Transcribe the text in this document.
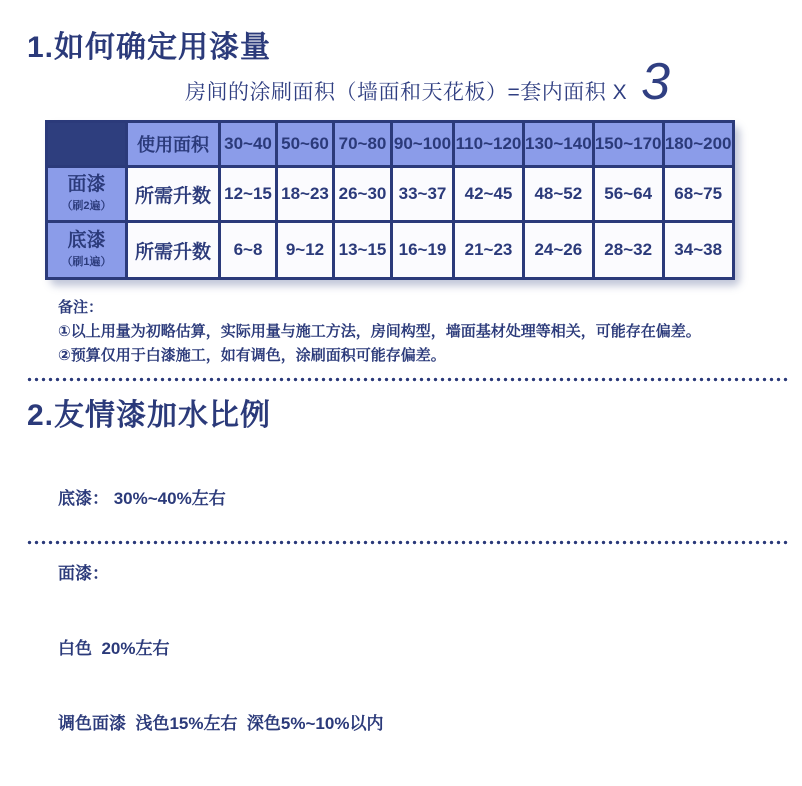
1.如何确定用漆量
房间的涂刷面积（墙面和天花板）=套内面积 X 3
	使用面积	30~40	50~60	70~80	90~100	110~120	130~140	150~170	180~200

面漆
（刷2遍）	所需升数	12~15	18~23	26~30	33~37	42~45	48~52	56~64	68~75

底漆
（刷1遍）	所需升数	6~8	9~12	13~15	16~19	21~23	24~26	28~32	34~38
备注：
①以上用量为初略估算，实际用量与施工方法，房间构型，墙面基材处理等相关，可能存在偏差。
②预算仅用于白漆施工，如有调色，涂刷面积可能存偏差。
2.友情漆加水比例

底漆： 30%~40%左右

面漆：

白色  20%左右

调色面漆  浅色15%左右  深色5%~10%以内
